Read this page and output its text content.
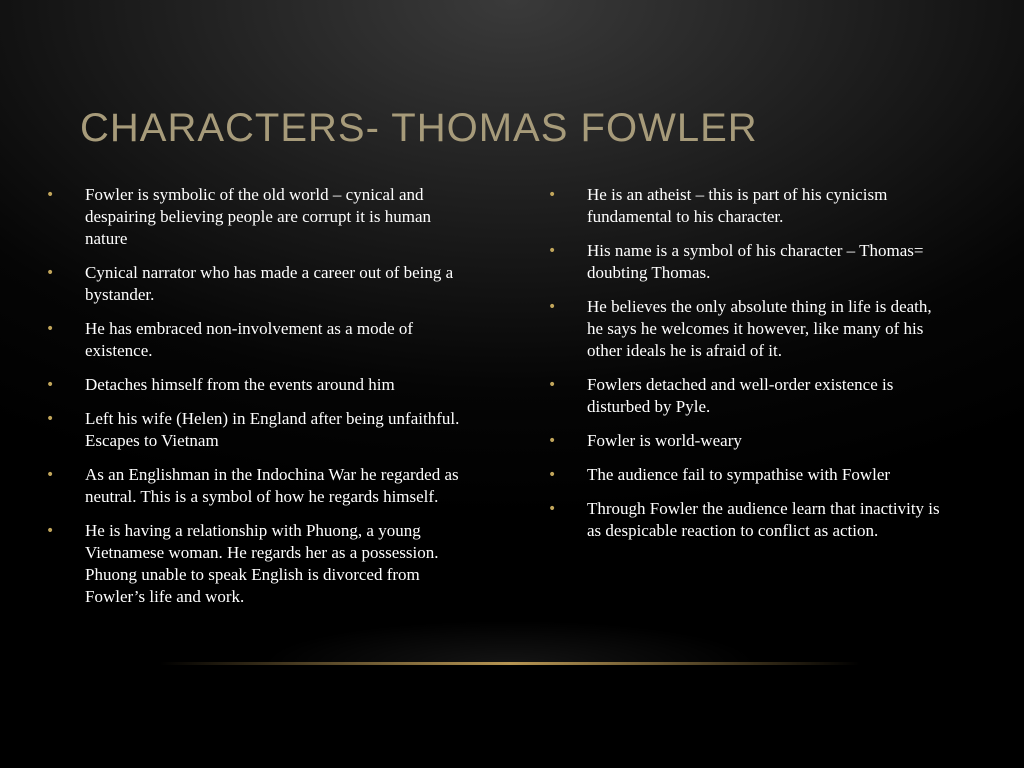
CHARACTERS- THOMAS FOWLER
• Fowler is symbolic of the old world – cynical and despairing believing people are corrupt it is human nature
• Cynical narrator who has made a career out of being a bystander.
• He has embraced non-involvement as a mode of existence.
• Detaches himself from the events around him
• Left his wife (Helen) in England after being unfaithful. Escapes to Vietnam
• As an Englishman in the Indochina War he regarded as neutral. This is a symbol of how he regards himself.
• He is having a relationship with Phuong, a young Vietnamese woman. He regards her as a possession. Phuong unable to speak English is divorced from Fowler’s life and work.
• He is an atheist – this is part of his cynicism fundamental to his character.
• His name is a symbol of his character – Thomas= doubting Thomas.
• He believes the only absolute thing in life is death, he says he welcomes it however, like many of his other ideals he is afraid of it.
• Fowlers detached and well-order existence is disturbed by Pyle.
• Fowler is world-weary
• The audience fail to sympathise with Fowler
• Through Fowler the audience learn that inactivity is as despicable reaction to conflict as action.
